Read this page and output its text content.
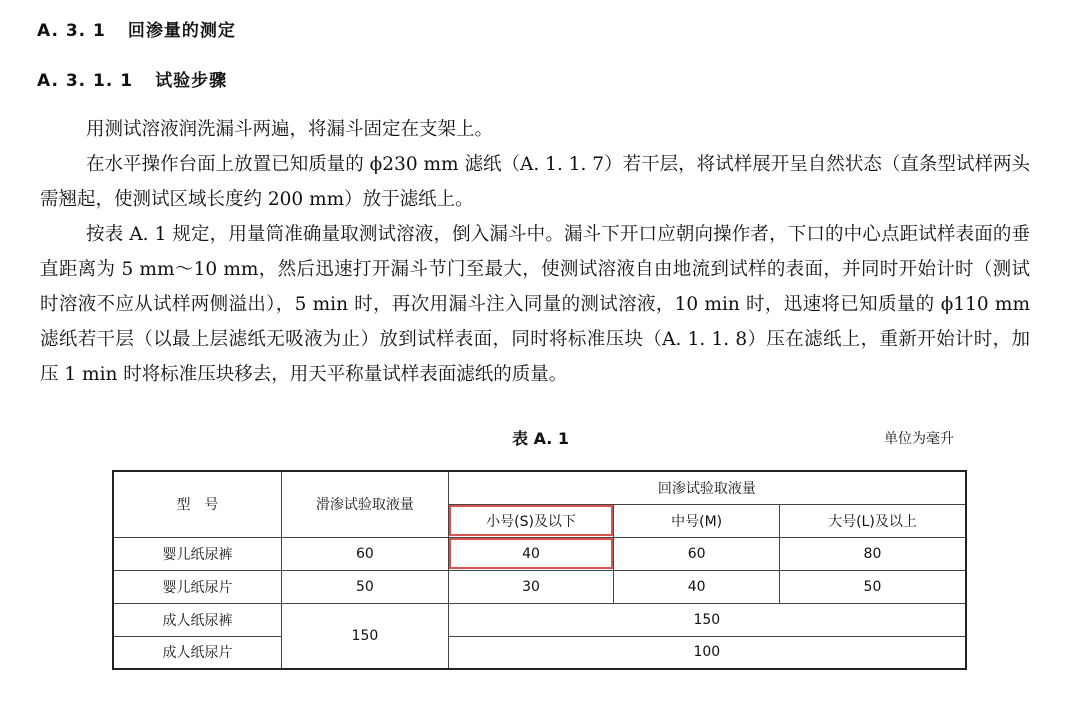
A. 3. 1 回渗量的测定
A. 3. 1. 1 试验步骤

用测试溶液润洗漏斗两遍，将漏斗固定在支架上。

在水平操作台面上放置已知质量的 ϕ230 mm 滤纸（A. 1. 1. 7）若干层，将试样展开呈自然状态（直条型试样两头需翘起，使测试区域长度约 200 mm）放于滤纸上。

按表 A. 1 规定，用量筒准确量取测试溶液，倒入漏斗中。漏斗下开口应朝向操作者，下口的中心点距试样表面的垂直距离为 5 mm～10 mm，然后迅速打开漏斗节门至最大，使测试溶液自由地流到试样的表面，并同时开始计时（测试时溶液不应从试样两侧溢出），5 min 时，再次用漏斗注入同量的测试溶液，10 min 时，迅速将已知质量的 ϕ110 mm 滤纸若干层（以最上层滤纸无吸液为止）放到试样表面，同时将标准压块（A. 1. 1. 8）压在滤纸上，重新开始计时，加压 1 min 时将标准压块移去，用天平称量试样表面滤纸的质量。

表 A. 1	单位为毫升
型　号	滑渗试验取液量	回渗试验取液量		
		小号(S)及以下	中号(M)	大号(L)及以上
婴儿纸尿裤	60	40	60	80
婴儿纸尿片	50	30	40	50
成人纸尿裤	150	150		
成人纸尿片		100		
